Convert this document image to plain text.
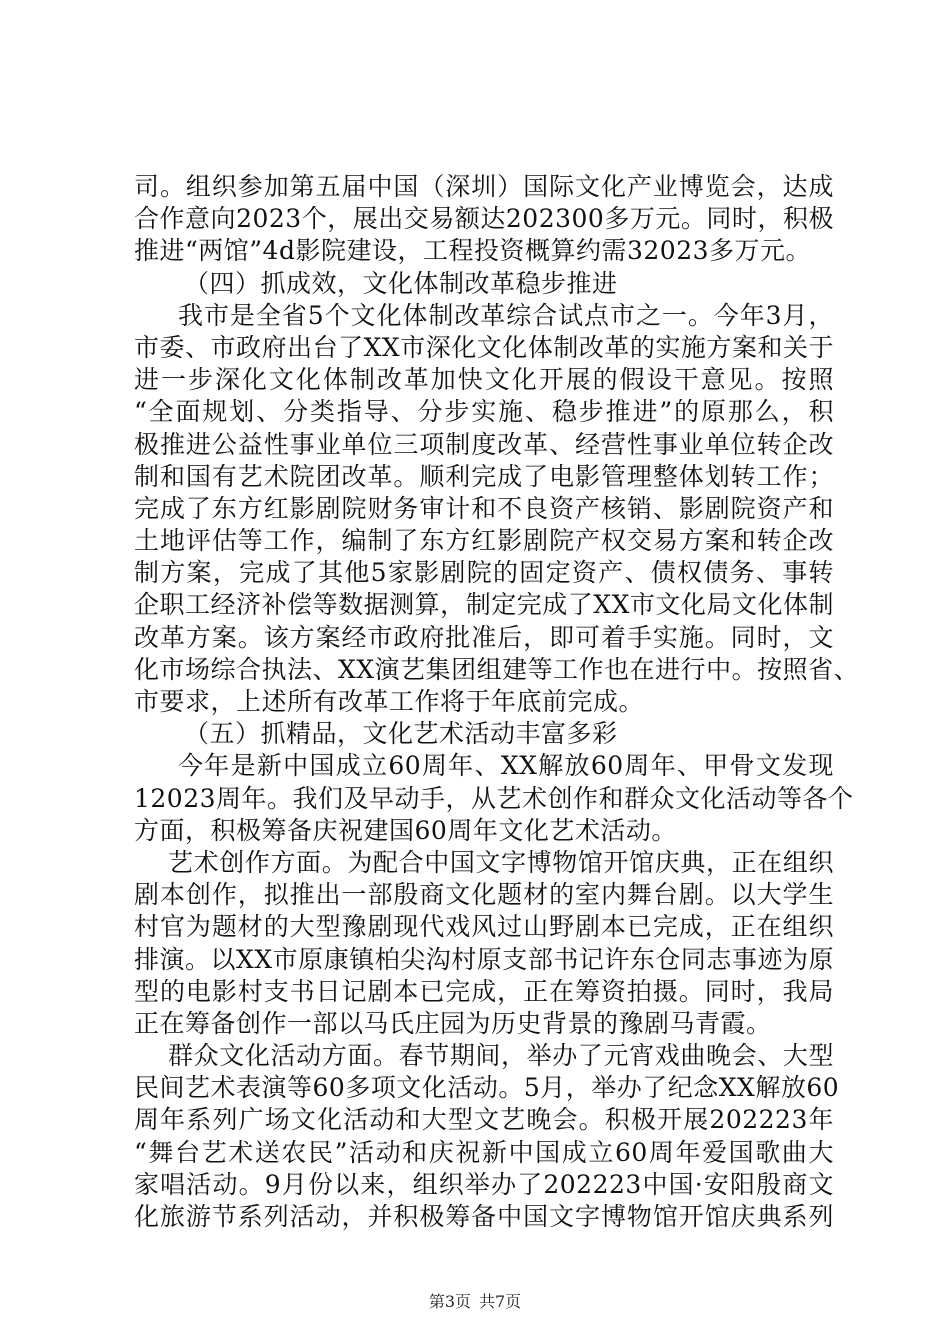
司。组织参加第五届中国（深圳）国际文化产业博览会，达成
合作意向2023个，展出交易额达202300多万元。同时，积极
推进“两馆”4d影院建设，工程投资概算约需32023多万元。
（四）抓成效，文化体制改革稳步推进
我市是全省5个文化体制改革综合试点市之一。今年3月，
市委、市政府出台了XX市深化文化体制改革的实施方案和关于
进一步深化文化体制改革加快文化开展的假设干意见。按照
“全面规划、分类指导、分步实施、稳步推进”的原那么，积
极推进公益性事业单位三项制度改革、经营性事业单位转企改
制和国有艺术院团改革。顺利完成了电影管理整体划转工作；
完成了东方红影剧院财务审计和不良资产核销、影剧院资产和
土地评估等工作，编制了东方红影剧院产权交易方案和转企改
制方案，完成了其他5家影剧院的固定资产、债权债务、事转
企职工经济补偿等数据测算，制定完成了XX市文化局文化体制
改革方案。该方案经市政府批准后，即可着手实施。同时，文
化市场综合执法、XX演艺集团组建等工作也在进行中。按照省、
市要求，上述所有改革工作将于年底前完成。
（五）抓精品，文化艺术活动丰富多彩
今年是新中国成立60周年、XX解放60周年、甲骨文发现
12023周年。我们及早动手，从艺术创作和群众文化活动等各个
方面，积极筹备庆祝建国60周年文化艺术活动。
艺术创作方面。为配合中国文字博物馆开馆庆典，正在组织
剧本创作，拟推出一部殷商文化题材的室内舞台剧。以大学生
村官为题材的大型豫剧现代戏风过山野剧本已完成，正在组织
排演。以XX市原康镇柏尖沟村原支部书记许东仓同志事迹为原
型的电影村支书日记剧本已完成，正在筹资拍摄。同时，我局
正在筹备创作一部以马氏庄园为历史背景的豫剧马青霞。
群众文化活动方面。春节期间，举办了元宵戏曲晚会、大型
民间艺术表演等60多项文化活动。5月，举办了纪念XX解放60
周年系列广场文化活动和大型文艺晚会。积极开展202223年
“舞台艺术送农民”活动和庆祝新中国成立60周年爱国歌曲大
家唱活动。9月份以来，组织举办了202223中国·安阳殷商文
化旅游节系列活动，并积极筹备中国文字博物馆开馆庆典系列
第3页 共7页
